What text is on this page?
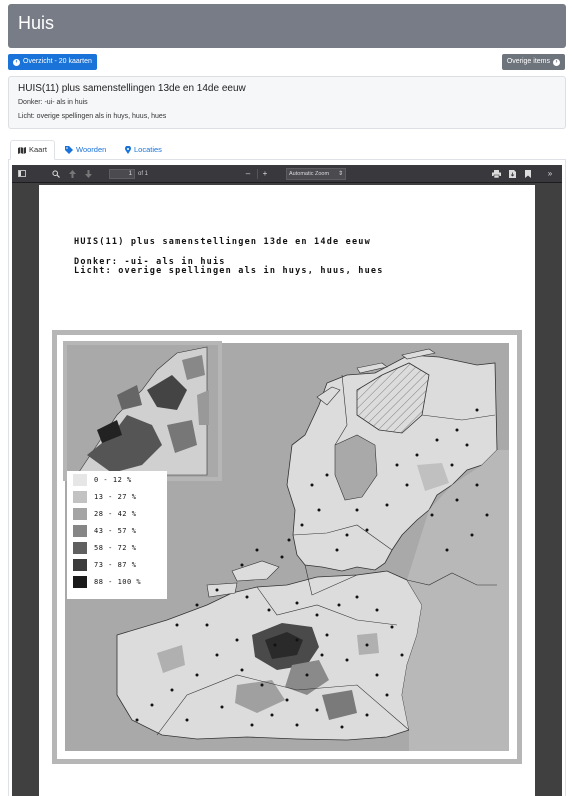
Huis
‹ Overzicht - 20 kaarten	Overige items ›
HUIS(11) plus samenstellingen 13de en 14de eeuw
Donker: -ui- als in huis
Licht: overige spellingen als in huys, huus, hues
Kaart	Woorden	Locaties
1	of 1	–	+	Automatic Zoom ⇕	»
HUIS(11) plus samenstellingen 13de en 14de eeuw
Donker: -ui- als in huis
Licht: overige spellingen als in huys, huus, hues
0 - 12 %
13 - 27 %
28 - 42 %
43 - 57 %
58 - 72 %
73 - 87 %
88 - 100 %
